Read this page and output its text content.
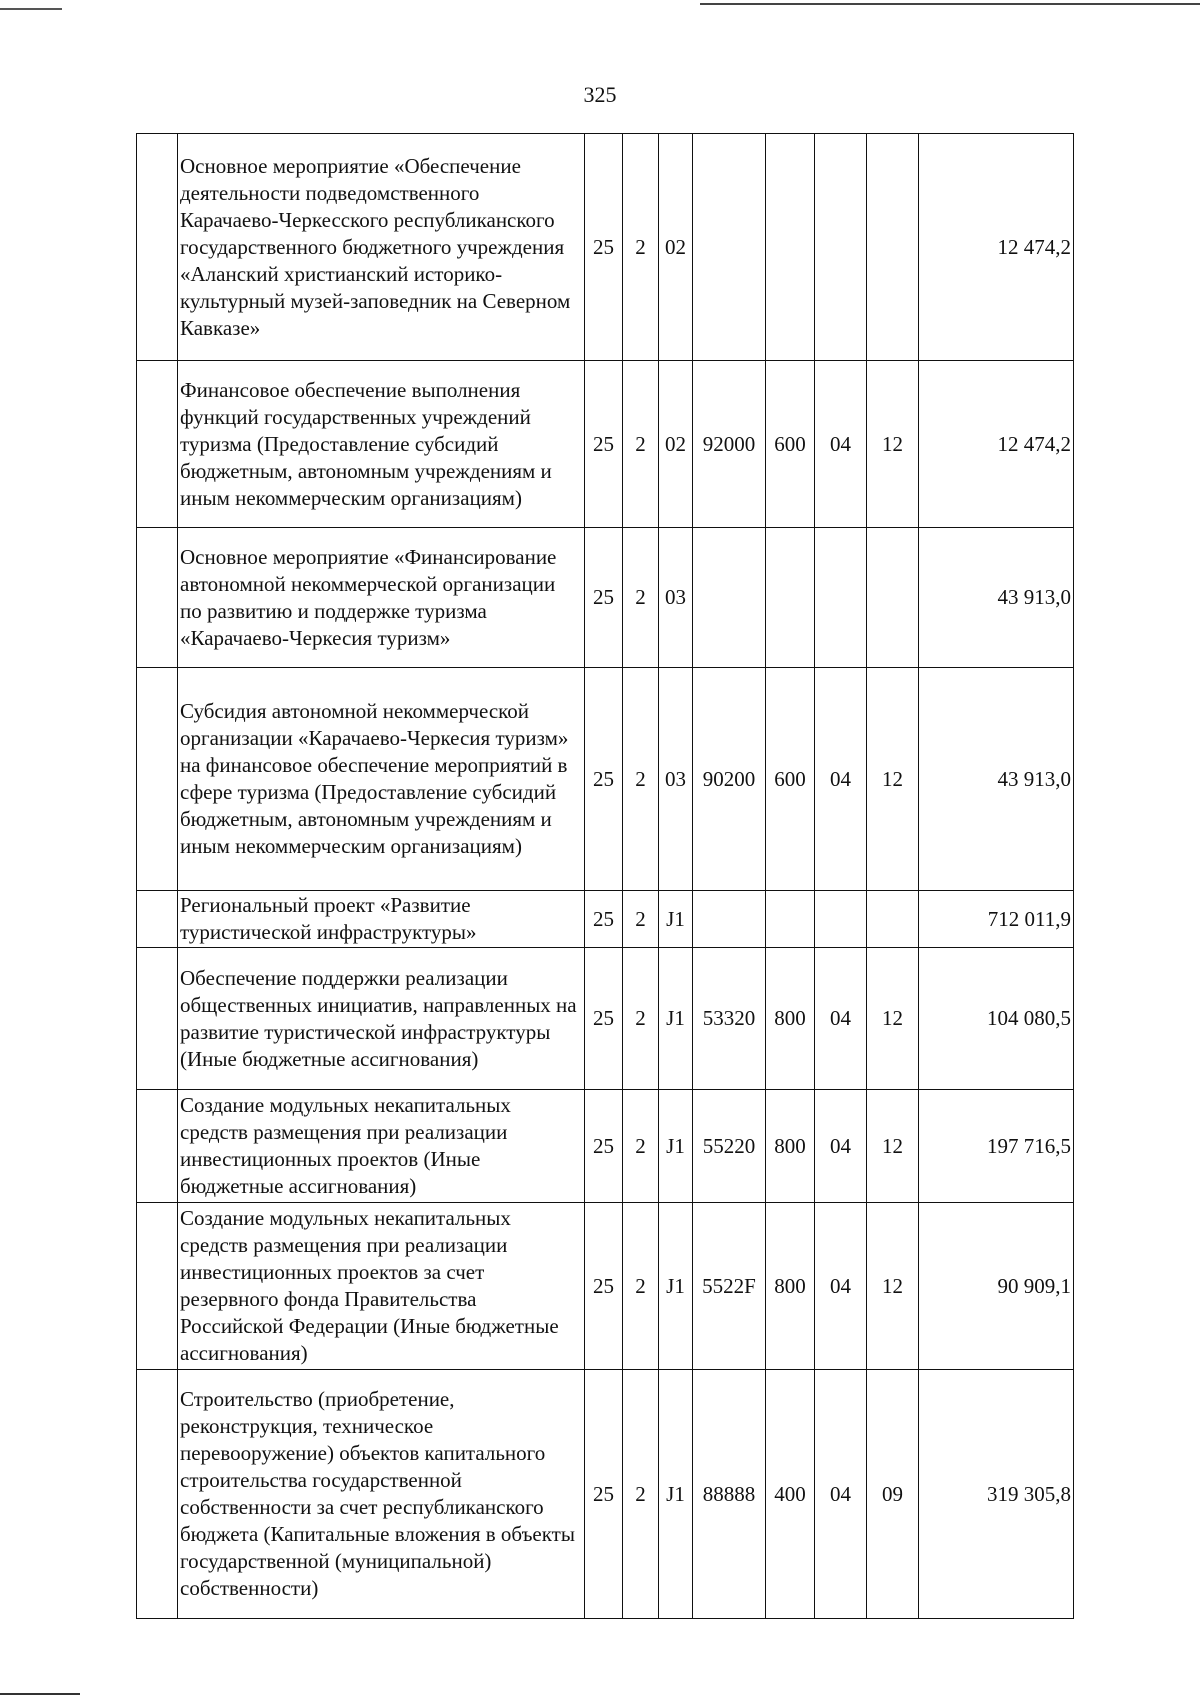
325
	Основное мероприятие «Обеспечение деятельности подведомственного Карачаево-Черкесского республиканского государственного бюджетного учреждения «Аланский христианский историко-культурный музей-заповедник на Северном Кавказе»	25	2	02					12 474,2
	Финансовое обеспечение выполнения функций государственных учреждений туризма (Предоставление субсидий бюджетным, автономным учреждениям и иным некоммерческим организациям)	25	2	02	92000	600	04	12	12 474,2
	Основное мероприятие «Финансирование автономной некоммерческой организации по развитию и поддержке туризма «Карачаево-Черкесия туризм»	25	2	03					43 913,0
	Субсидия автономной некоммерческой организации «Карачаево-Черкесия туризм» на финансовое обеспечение мероприятий в сфере туризма (Предоставление субсидий бюджетным, автономным учреждениям и иным некоммерческим организациям)	25	2	03	90200	600	04	12	43 913,0
	Региональный проект «Развитие туристической инфраструктуры»	25	2	J1					712 011,9
	Обеспечение поддержки реализации общественных инициатив, направленных на развитие туристической инфраструктуры (Иные бюджетные ассигнования)	25	2	J1	53320	800	04	12	104 080,5
	Создание модульных некапитальных средств размещения при реализации инвестиционных проектов (Иные бюджетные ассигнования)	25	2	J1	55220	800	04	12	197 716,5
	Создание модульных некапитальных средств размещения при реализации инвестиционных проектов за счет резервного фонда Правительства Российской Федерации (Иные бюджетные ассигнования)	25	2	J1	5522F	800	04	12	90 909,1
	Строительство (приобретение, реконструкция, техническое перевооружение) объектов капитального строительства государственной собственности за счет республиканского бюджета (Капитальные вложения в объекты государственной (муниципальной) собственности)	25	2	J1	88888	400	04	09	319 305,8
